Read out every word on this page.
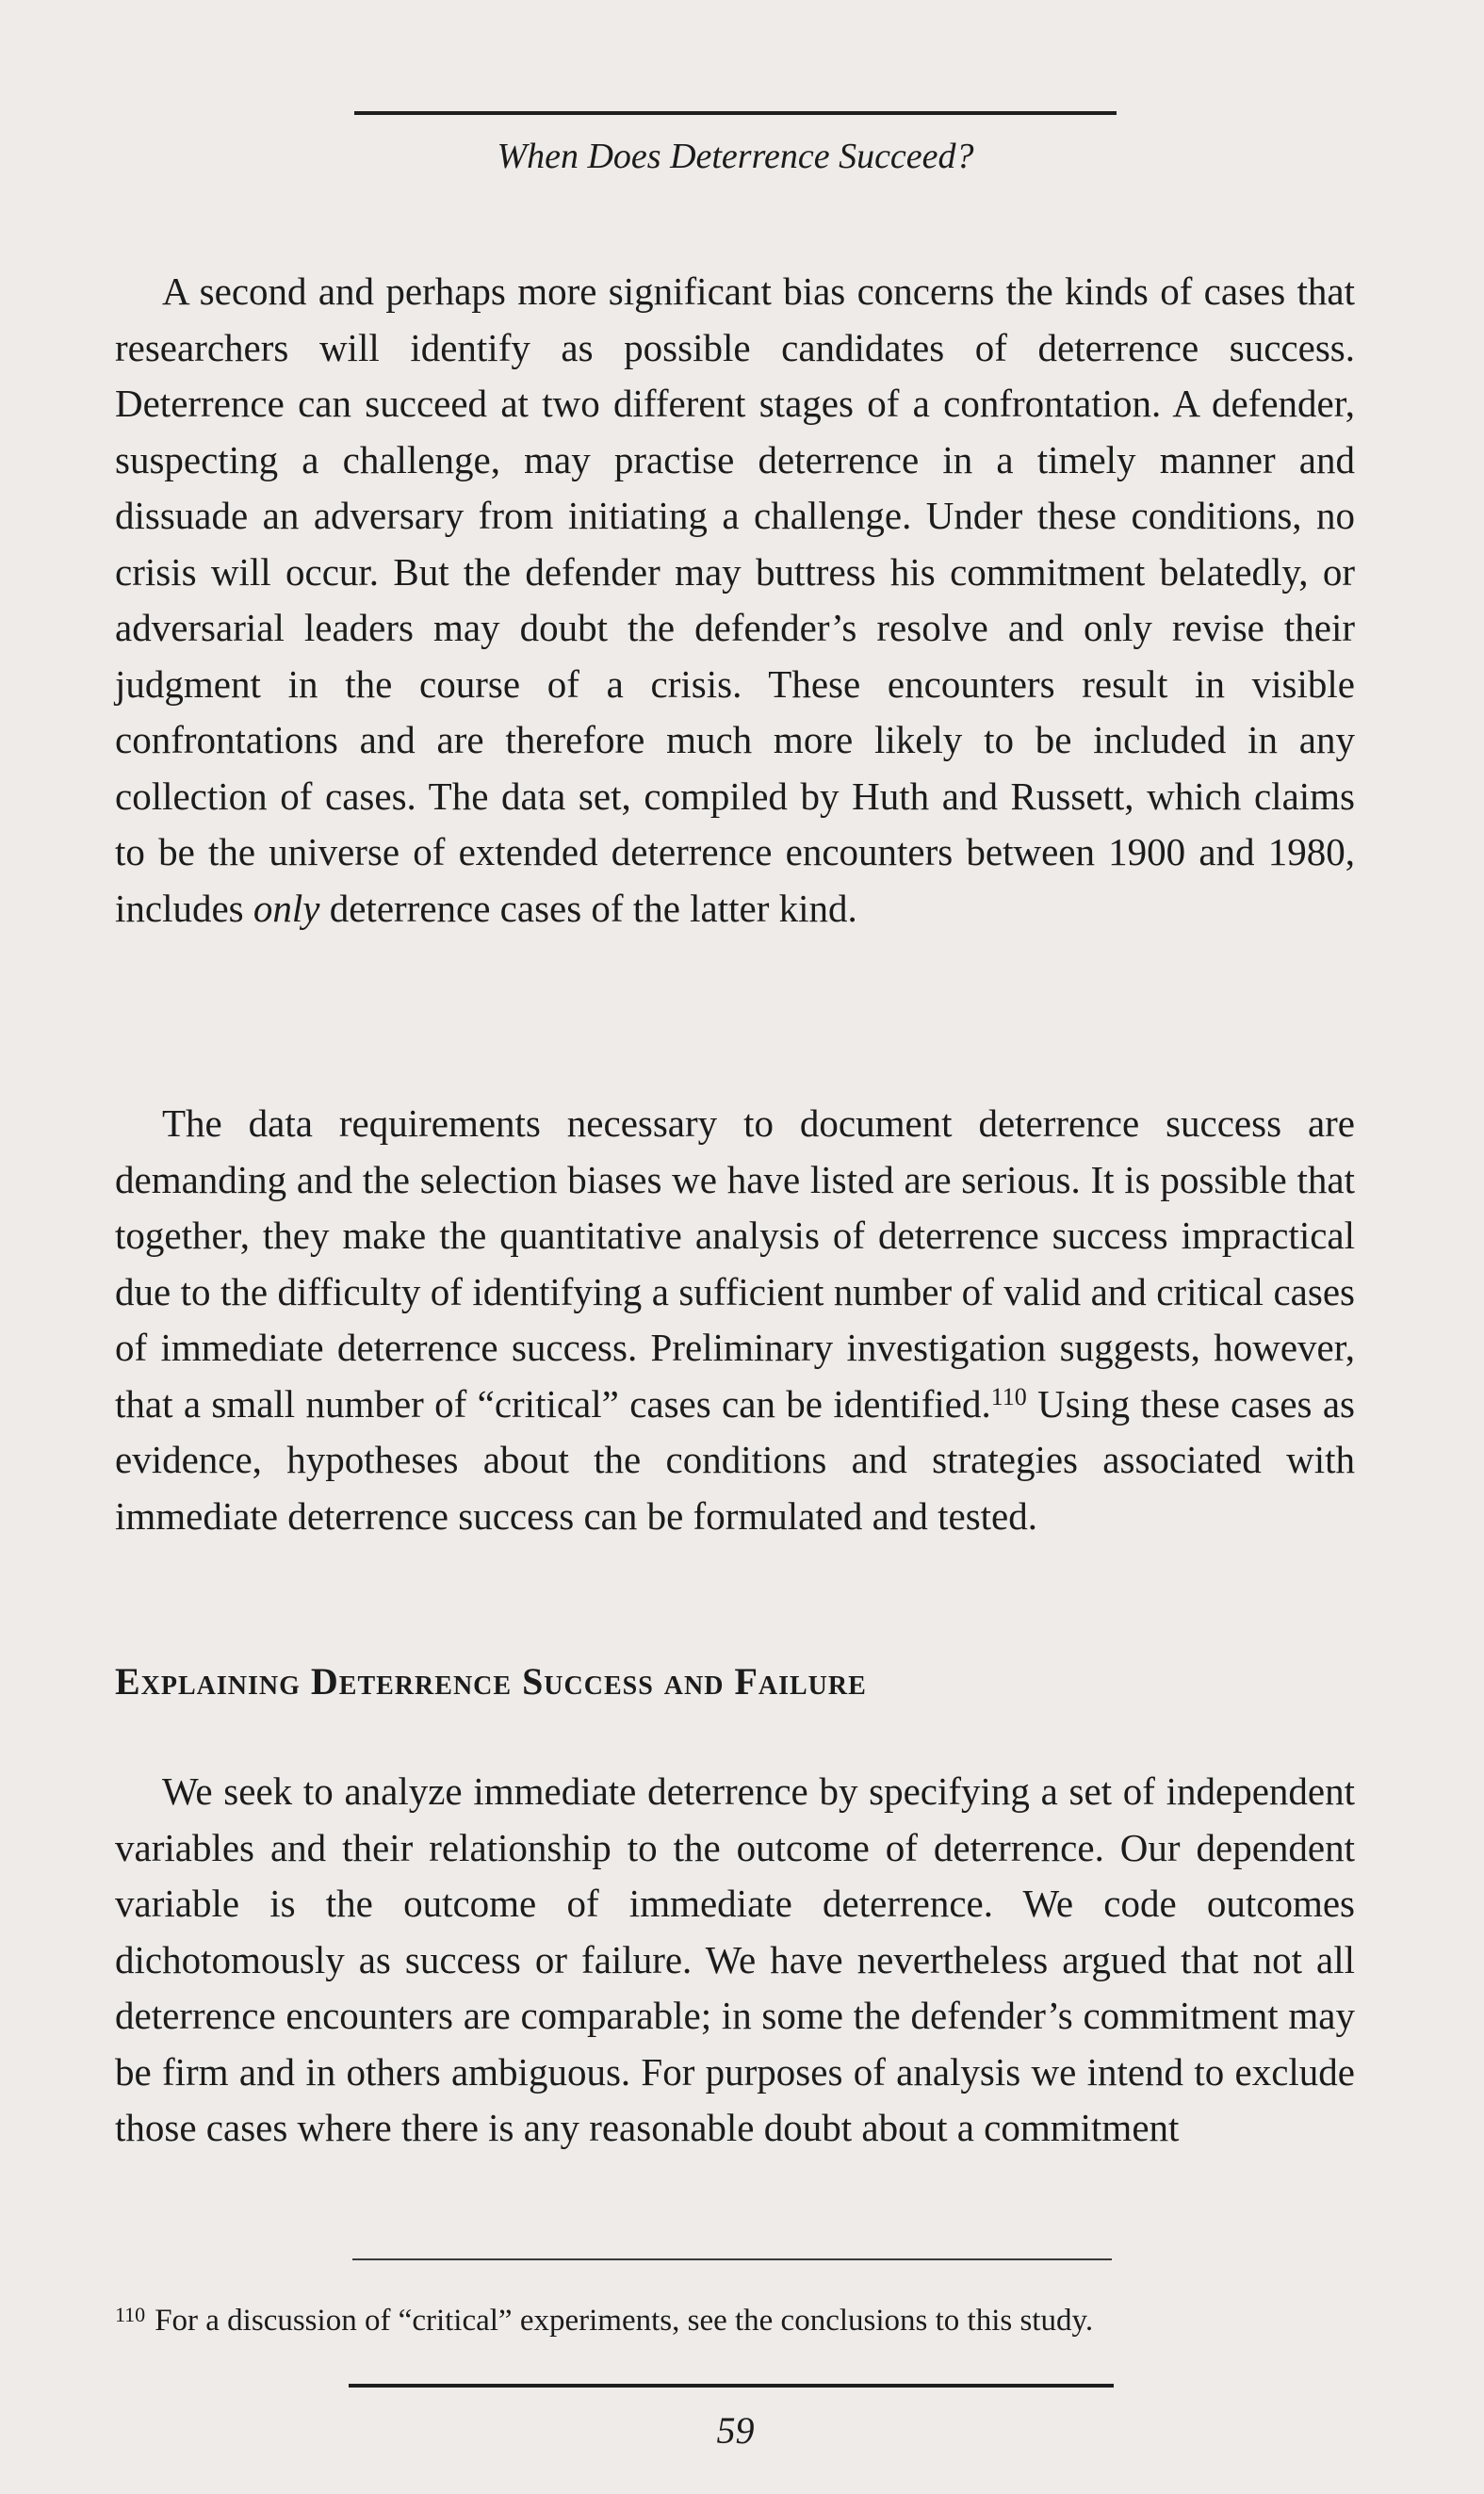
When Does Deterrence Succeed?

A second and perhaps more significant bias concerns the kinds of cases that researchers will identify as possible candidates of deterrence success. Deterrence can succeed at two different stages of a confrontation. A defender, suspecting a challenge, may practise deterrence in a timely manner and dissuade an adversary from initiating a challenge. Under these conditions, no crisis will occur. But the defender may buttress his commitment belatedly, or adversarial leaders may doubt the defender’s resolve and only revise their judgment in the course of a crisis. These encounters result in visible confrontations and are therefore much more likely to be included in any collection of cases. The data set, compiled by Huth and Russett, which claims to be the universe of extended deterrence encounters between 1900 and 1980, includes only deterrence cases of the latter kind.

The data requirements necessary to document deterrence success are demanding and the selection biases we have listed are serious. It is possible that together, they make the quantitative analysis of deterrence success impractical due to the difficulty of identifying a sufficient number of valid and critical cases of immediate deterrence success. Preliminary investigation suggests, however, that a small number of “critical” cases can be identified.$^{110}$ Using these cases as evidence, hypotheses about the conditions and strategies associated with immediate deterrence success can be formulated and tested.

Explaining Deterrence Success and Failure

We seek to analyze immediate deterrence by specifying a set of independent variables and their relationship to the outcome of deterrence. Our dependent variable is the outcome of immediate deterrence. We code outcomes dichotomously as success or failure. We have nevertheless argued that not all deterrence encounters are comparable; in some the defender’s commitment may be firm and in others ambiguous. For purposes of analysis we intend to exclude those cases where there is any reasonable doubt about a commitment

$^{110}$ For a discussion of “critical” experiments, see the conclusions to this study.
59
